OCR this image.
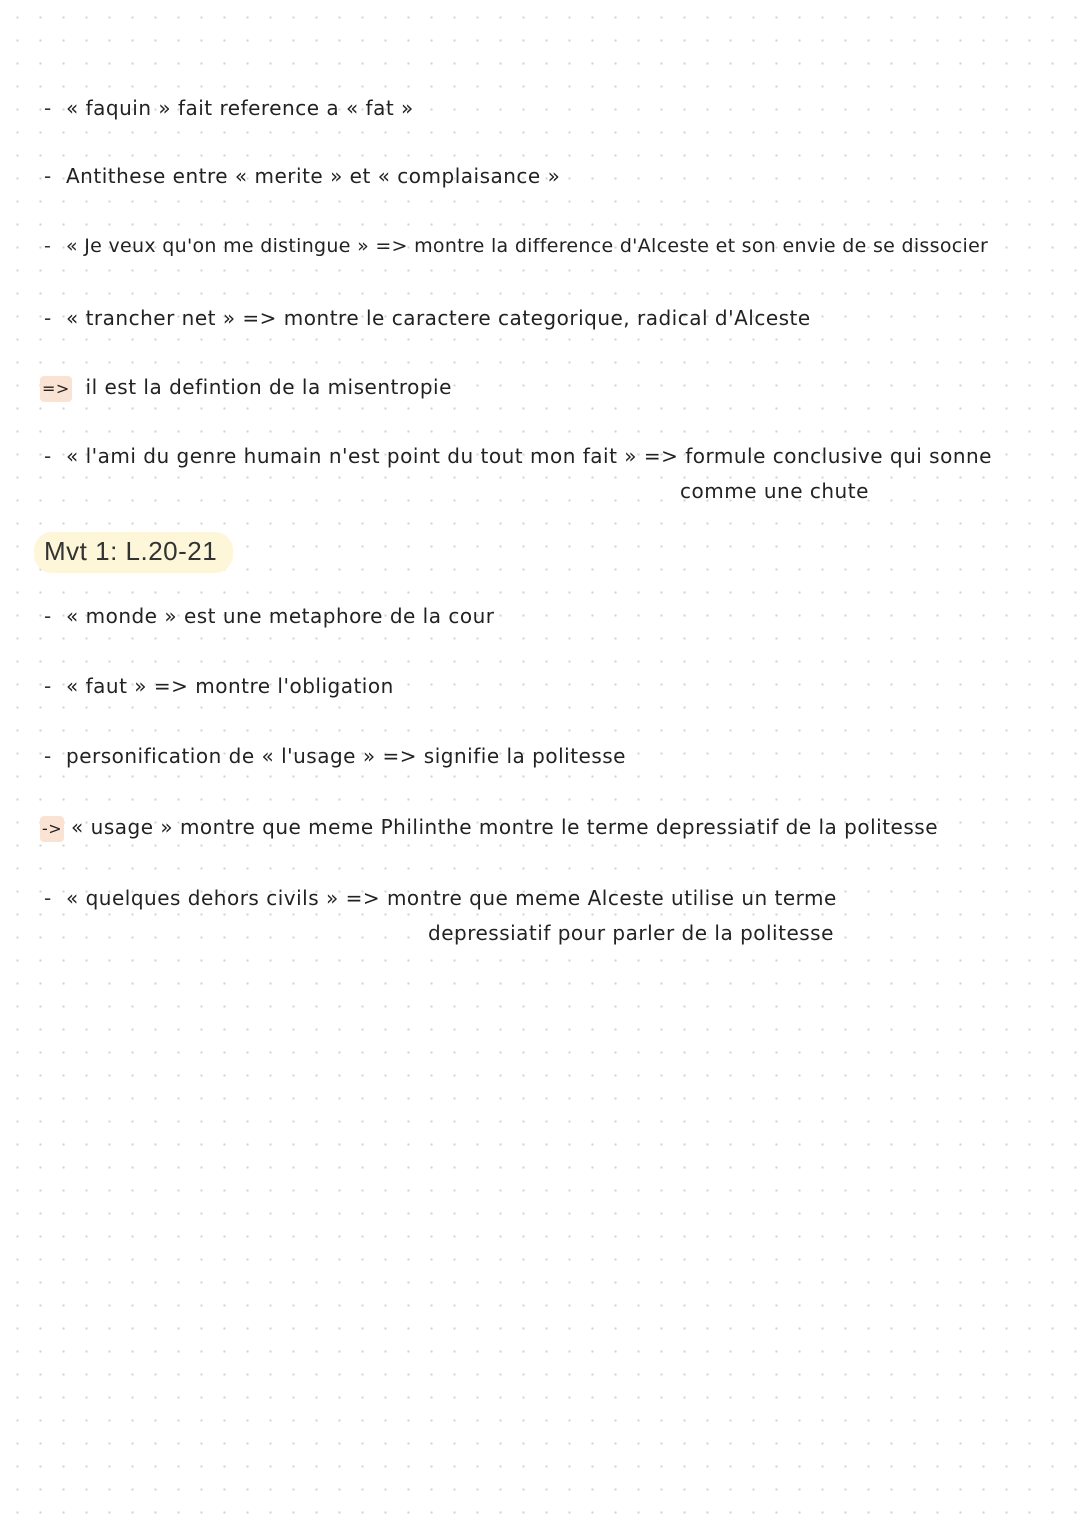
- « faquin » fait reference a « fat »
- Antithese entre « merite » et « complaisance »
- « Je veux qu'on me distingue » => montre la difference d'Alceste et son envie de se dissocier
- « trancher net » => montre le caractere categorique, radical d'Alceste
=> il est la defintion de la misentropie
- « l'ami du genre humain n'est point du tout mon fait » => formule conclusive qui sonne
comme une chute
Mvt 1: L.20-21
- « monde » est une metaphore de la cour
- « faut » => montre l'obligation
- personification de « l'usage » => signifie la politesse
-> « usage » montre que meme Philinthe montre le terme depressiatif de la politesse
- « quelques dehors civils » => montre que meme Alceste utilise un terme
depressiatif pour parler de la politesse
